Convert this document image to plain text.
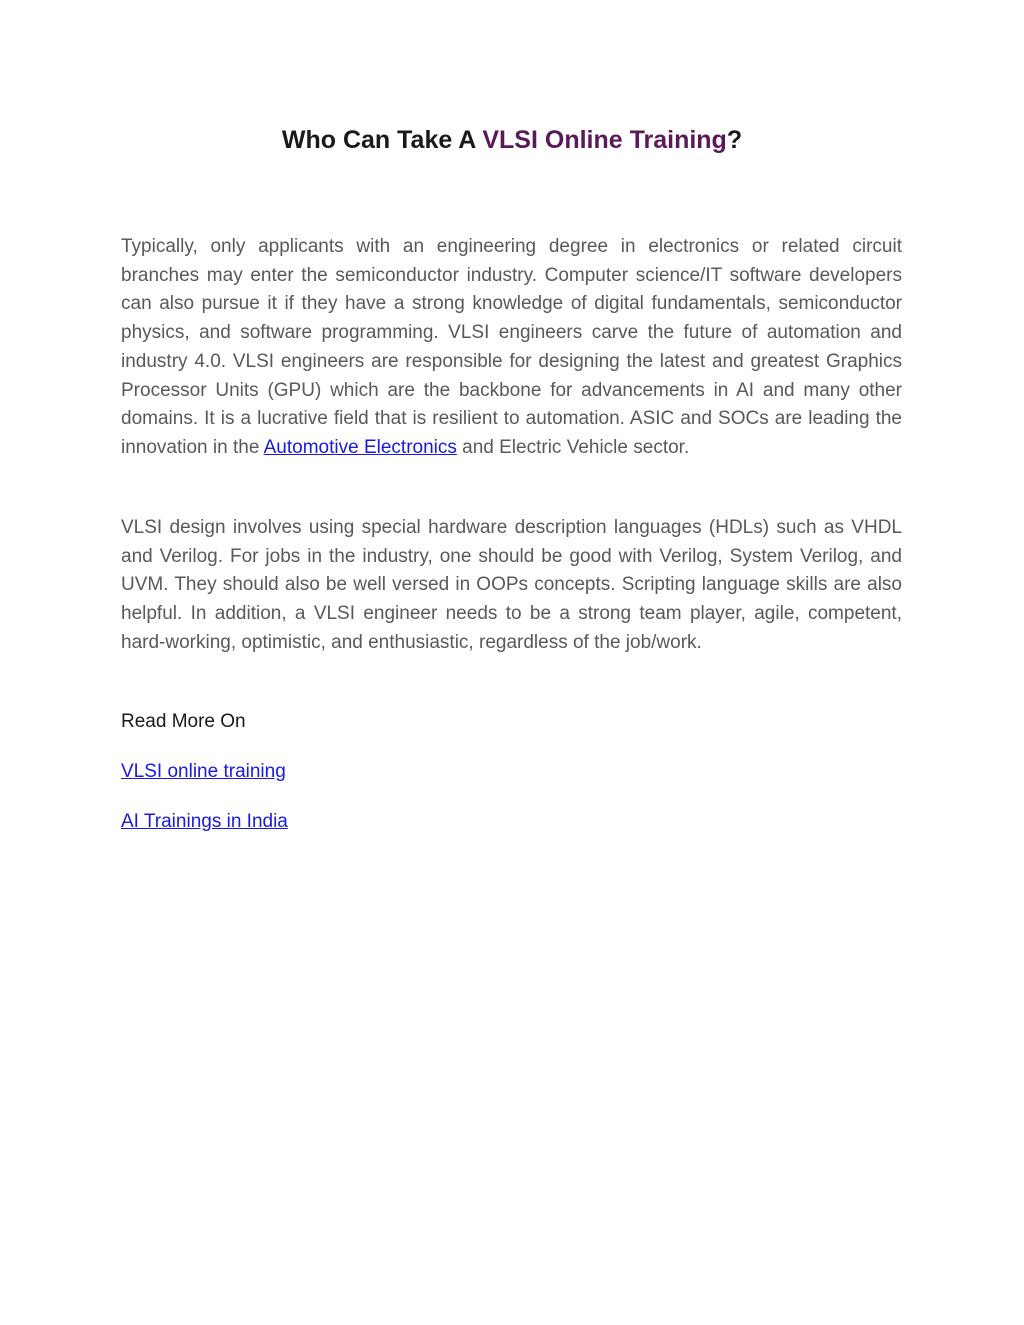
Who Can Take A VLSI Online Training?

Typically, only applicants with an engineering degree in electronics or related circuit branches may enter the semiconductor industry. Computer science/IT software developers can also pursue it if they have a strong knowledge of digital fundamentals, semiconductor physics, and software programming. VLSI engineers carve the future of automation and industry 4.0. VLSI engineers are responsible for designing the latest and greatest Graphics Processor Units (GPU) which are the backbone for advancements in AI and many other domains. It is a lucrative field that is resilient to automation. ASIC and SOCs are leading the innovation in the Automotive Electronics and Electric Vehicle sector.

VLSI design involves using special hardware description languages (HDLs) such as VHDL and Verilog. For jobs in the industry, one should be good with Verilog, System Verilog, and UVM. They should also be well versed in OOPs concepts. Scripting language skills are also helpful. In addition, a VLSI engineer needs to be a strong team player, agile, competent, hard-working, optimistic, and enthusiastic, regardless of the job/work.

Read More On

VLSI online training

AI Trainings in India
